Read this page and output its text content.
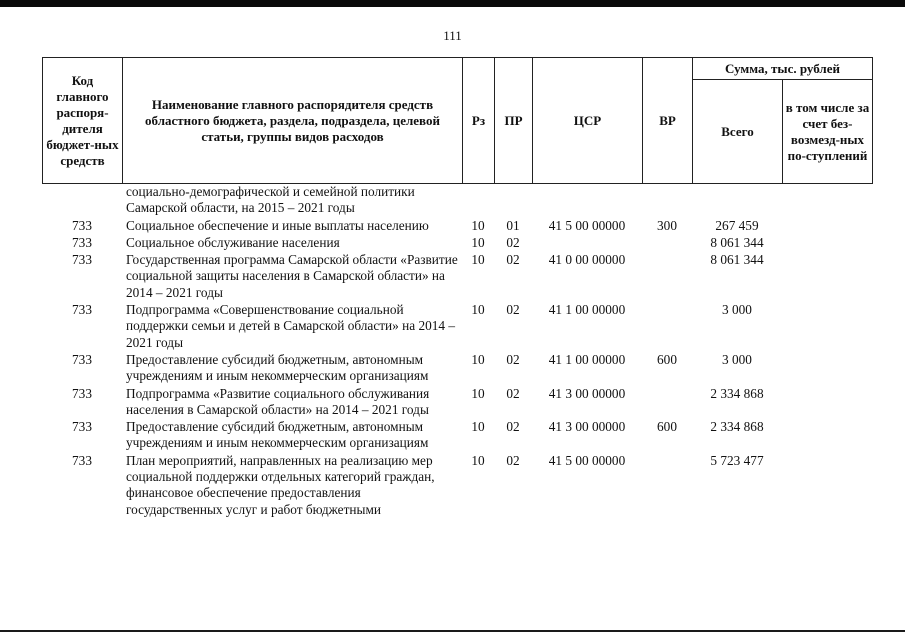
111
Код главного распоря-дителя бюджет-ных средств	Наименование главного распорядителя средств областного бюджета, раздела, подраздела, целевой статьи, группы видов расходов	Рз	ПР	ЦСР	ВР	Сумма, тыс. рублей	
						Всего	в том числе за счет без-возмезд-ных по-ступлений
	социально-демографической и семейной политики Самарской области, на 2015 – 2021 годы						
733	Социальное обеспечение и иные выплаты населению	10	01	41 5 00 00000	300	267 459	
733	Социальное обслуживание населения	10	02			8 061 344	
733	Государственная программа Самарской области «Развитие социальной защиты населения в Самарской области» на 2014 – 2021 годы	10	02	41 0 00 00000		8 061 344	
733	Подпрограмма «Совершенствование социальной поддержки семьи и детей в Самарской области» на 2014 – 2021 годы	10	02	41 1 00 00000		3 000	
733	Предоставление субсидий бюджетным, автономным учреждениям и иным некоммерческим организациям	10	02	41 1 00 00000	600	3 000	
733	Подпрограмма «Развитие социального обслуживания населения в Самарской области» на 2014 – 2021 годы	10	02	41 3 00 00000		2 334 868	
733	Предоставление субсидий бюджетным, автономным учреждениям и иным некоммерческим организациям	10	02	41 3 00 00000	600	2 334 868	
733	План мероприятий, направленных на реализацию мер социальной поддержки отдельных категорий граждан, финансовое обеспечение предоставления государственных услуг и работ бюджетными	10	02	41 5 00 00000		5 723 477	
